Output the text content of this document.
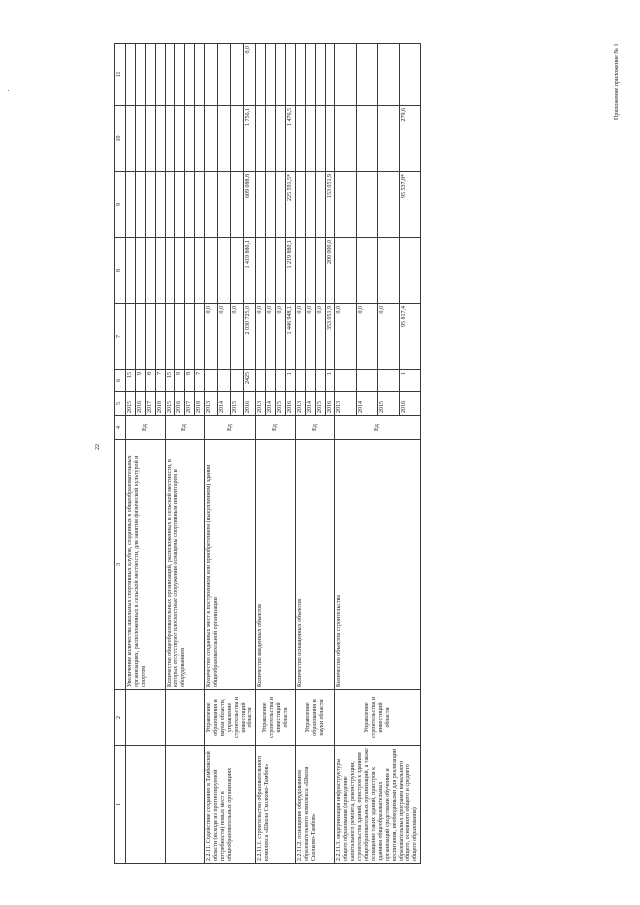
22
Приложение приложение № 1
1	2	3	4	5	6	7	8	9	10	11
		Увеличение количества школьных спортивных клубов, созданных в общеобразовательных организациях, расположенных в сельской местности, для занятия физической культурой и спортом	Ед	2015	15					
				2016	9					
				2017	8					
				2018	7					
		Количество общеобразовательных организаций, расположенных в сельской местности, в которых отсутствуют плоскостные сооружения оснащены спортивным инвентарем и оборудованием	Ед	2015	15					
				2016	9					
				2017	8					
				2018	7					
2.2.11. Содействие созданию в Тамбовской области (исходя из прогнозируемой потребности) новых мест в общеобразовательных организациях	Управление образования и науки области, управление строительства и инвестиций области	Количество созданных мест в построенном или приобретенном (выкупленном) здании общеобразовательной организации	Ед	2013		0,0				
				2014		0,0				
				2015		0,0				
				2016	2425	2 030 725,0	1 419 880,1	609 088,8	1 756,1	0,0
2.2.11.1. строительство образовательного комплекса «Школа Сколково-Тамбов»	Управление строительства и инвестиций области	Количество введенных объектов	Ед	2013		0,0				
				2014		0,0				
				2015		0,0				
				2016	1	1 446 948,1	1 219 880,1	225 591,5*	1 476,5	
2.2.11.2. оснащение оборудованием образовательного комплекса «Школа Сколково-Тамбов»	Управление образования и науки области	Количество оснащенных объектов	Ед	2013		0,0				
				2014		0,0				
				2015		0,0				
				2016	1	353 051,9	200 000,0	153 051,9		
2.2.11.3. модернизация инфраструктуры общего образования (проведение капитального ремонта, реконструкции, строительства зданий, пристроя к зданиям общеобразовательных организаций, а также оснащение таких зданий, пристроя к зданиям общеобразовательных организаций средствами обучения и воспитания, необходимыми для реализации образовательных программ начального общего, основного общего и среднего общего образования)	Управление строительства и инвестиций области	Количество объектов строительства	Ед	2013		0,0				
				2014		0,0				
				2015		0,0				
				2016	1	95 817,4		95 537,8*	279,6	
